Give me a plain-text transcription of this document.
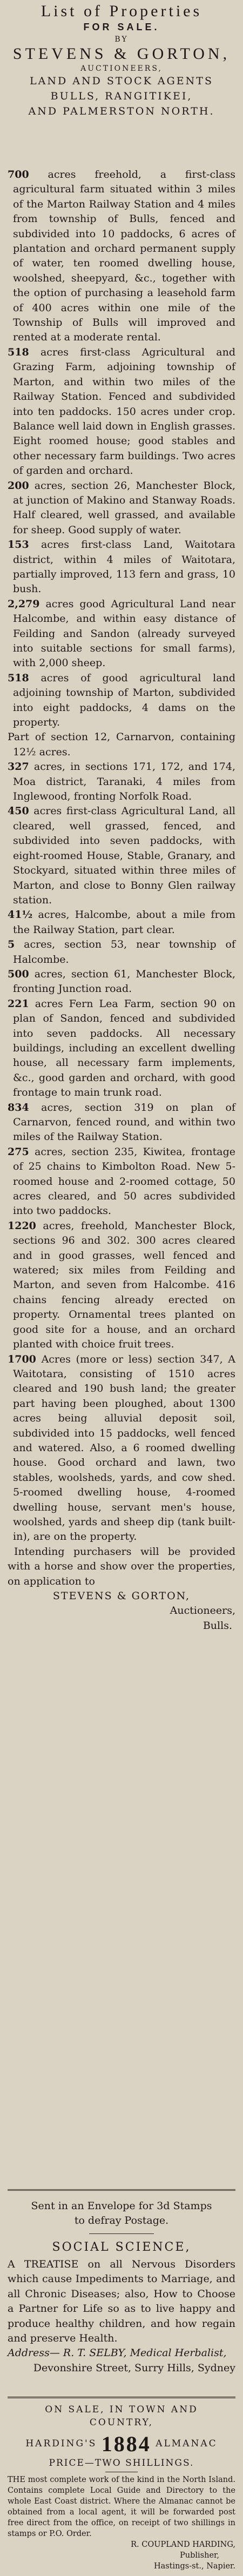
List of Properties
FOR SALE.
BY
STEVENS & GORTON,
AUCTIONEERS,
LAND AND STOCK AGENTS
BULLS, RANGITIKEI,
AND PALMERSTON NORTH.
700 acres freehold, a first-class agricultural farm situated within 3 miles of the Marton Railway Station and 4 miles from township of Bulls, fenced and subdivided into 10 paddocks, 6 acres of plantation and orchard permanent supply of water, ten roomed dwelling house, woolshed, sheepyard, &c., together with the option of purchasing a leasehold farm of 400 acres within one mile of the Township of Bulls will improved and rented at a moderate rental.
518 acres first-class Agricultural and Grazing Farm, adjoining township of Marton, and within two miles of the Railway Station. Fenced and subdivided into ten paddocks. 150 acres under crop. Balance well laid down in English grasses. Eight roomed house; good stables and other necessary farm buildings. Two acres of garden and orchard.
200 acres, section 26, Manchester Block, at junction of Makino and Stanway Roads. Half cleared, well grassed, and available for sheep. Good supply of water.
153 acres first-class Land, Waitotara district, within 4 miles of Waitotara, partially improved, 113 fern and grass, 10 bush.
2,279 acres good Agricultural Land near Halcombe, and within easy distance of Feilding and Sandon (already surveyed into suitable sections for small farms), with 2,000 sheep.
518 acres of good agricultural land adjoining township of Marton, subdivided into eight paddocks, 4 dams on the property.
Part of section 12, Carnarvon, containing 12½ acres.
327 acres, in sections 171, 172, and 174, Moa district, Taranaki, 4 miles from Inglewood, fronting Norfolk Road.
450 acres first-class Agricultural Land, all cleared, well grassed, fenced, and subdivided into seven paddocks, with eight-roomed House, Stable, Granary, and Stockyard, situated within three miles of Marton, and close to Bonny Glen railway station.
41½ acres, Halcombe, about a mile from the Railway Station, part clear.
5 acres, section 53, near township of Halcombe.
500 acres, section 61, Manchester Block, fronting Junction road.
221 acres Fern Lea Farm, section 90 on plan of Sandon, fenced and subdivided into seven paddocks. All necessary buildings, including an excellent dwelling house, all necessary farm implements, &c., good garden and orchard, with good frontage to main trunk road.
834 acres, section 319 on plan of Carnarvon, fenced round, and within two miles of the Railway Station.
275 acres, section 235, Kiwitea, frontage of 25 chains to Kimbolton Road. New 5-roomed house and 2-roomed cottage, 50 acres cleared, and 50 acres subdivided into two paddocks.
1220 acres, freehold, Manchester Block, sections 96 and 302. 300 acres cleared and in good grasses, well fenced and watered; six miles from Feilding and Marton, and seven from Halcombe. 416 chains fencing already erected on property. Ornamental trees planted on good site for a house, and an orchard planted with choice fruit trees.
1700 Acres (more or less) section 347, A Waitotara, consisting of 1510 acres cleared and 190 bush land; the greater part having been ploughed, about 1300 acres being alluvial deposit soil, subdivided into 15 paddocks, well fenced and watered. Also, a 6 roomed dwelling house. Good orchard and lawn, two stables, woolsheds, yards, and cow shed. 5-roomed dwelling house, 4-roomed dwelling house, servant men's house, woolshed, yards and sheep dip (tank built-in), are on the property.
Intending purchasers will be provided with a horse and show over the properties, on application to
STEVENS & GORTON,
Auctioneers,
Bulls.
Sent in an Envelope for 3d Stamps
to defray Postage.
SOCIAL SCIENCE,
A TREATISE on all Nervous Disorders which cause Impediments to Marriage, and all Chronic Diseases; also, How to Choose a Partner for Life so as to live happy and produce healthy children, and how regain and preserve Health.
Address— R. T. SELBY, Medical Herbalist,
Devonshire Street, Surry Hills, Sydney
ON SALE, IN TOWN AND
COUNTRY,
HARDING'S 1884 ALMANAC
PRICE—TWO SHILLINGS.
THE most complete work of the kind in the North Island. Contains complete Local Guide and Directory to the whole East Coast district. Where the Almanac cannot be obtained from a local agent, it will be forwarded post free direct from the office, on receipt of two shillings in stamps or P.O. Order.
R. COUPLAND HARDING,
Publisher,
Hastings-st., Napier.
